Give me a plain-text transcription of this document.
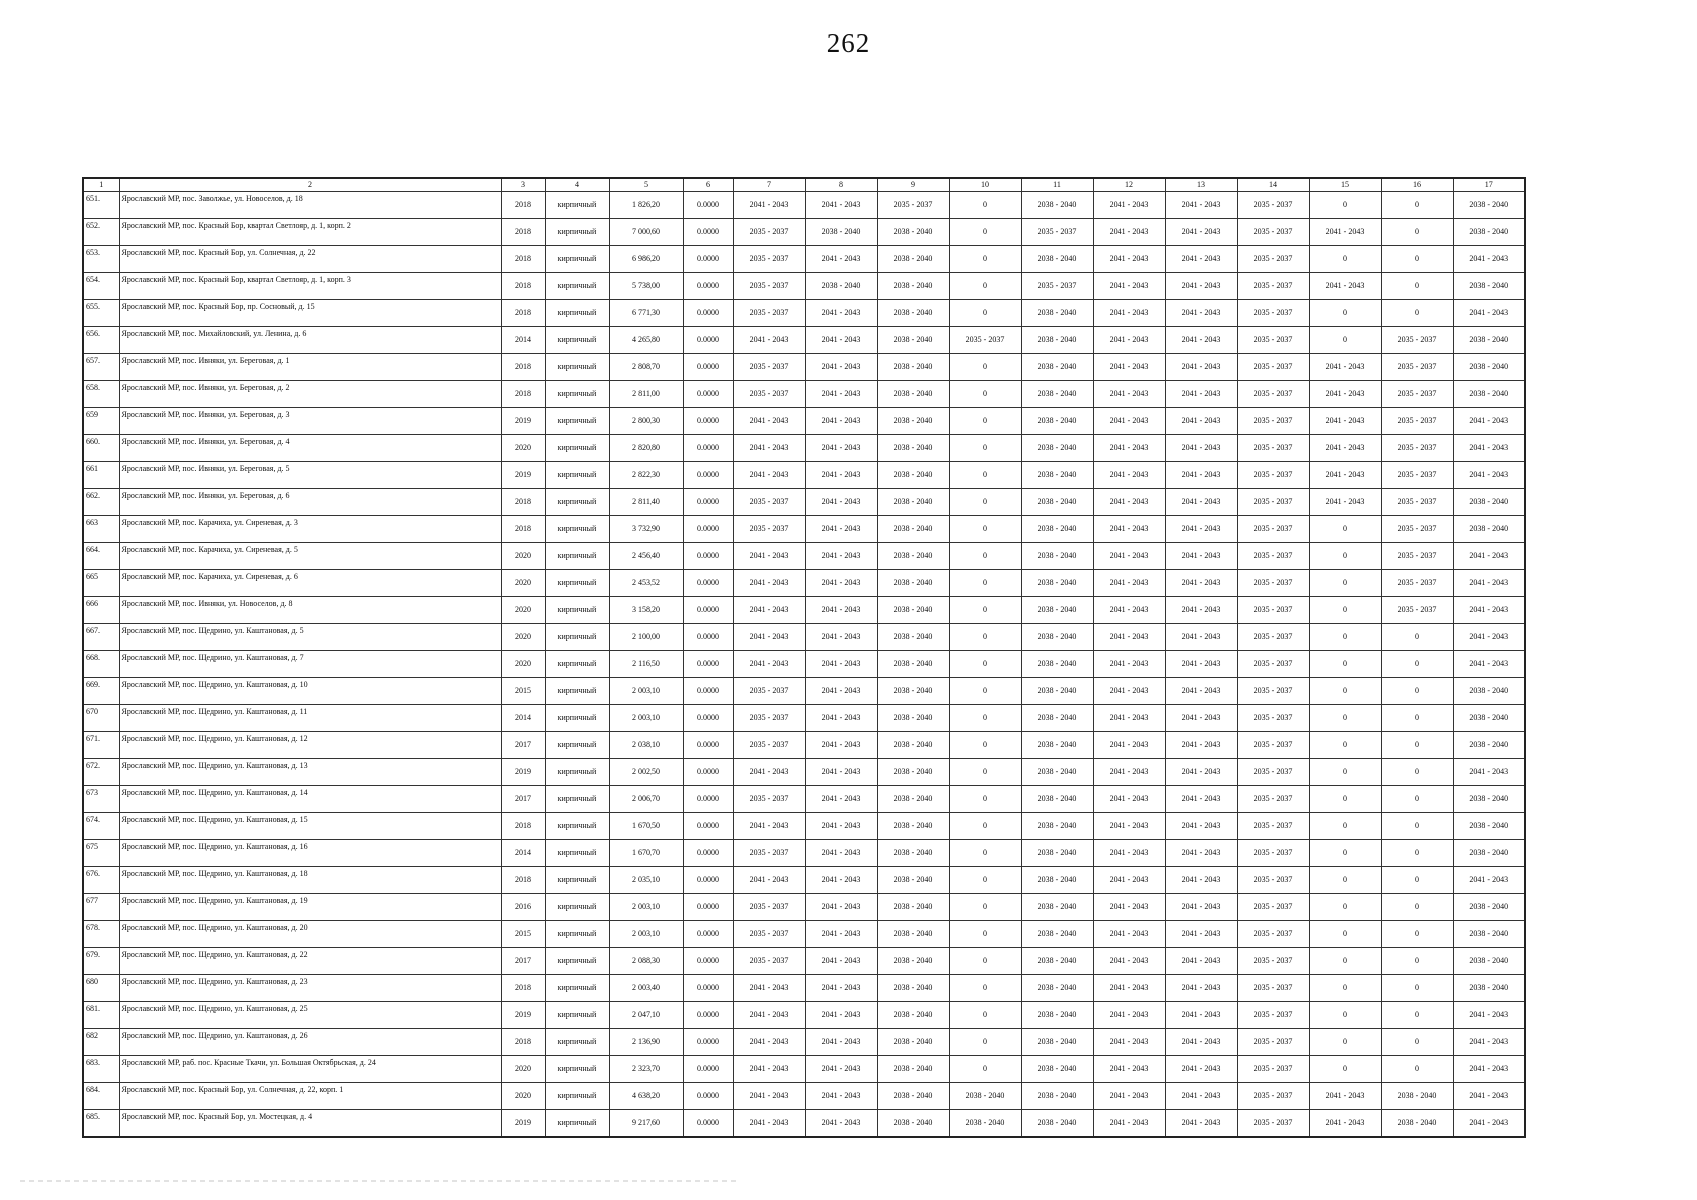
262
1	2	3	4	5	6	7	8	9	10	11	12	13	14	15	16	17
651.	Ярославский МР, пос. Заволжье, ул. Новоселов, д. 18	2018	кирпичный	1 826,20	0.0000	2041 - 2043	2041 - 2043	2035 - 2037	0	2038 - 2040	2041 - 2043	2041 - 2043	2035 - 2037	0	0	2038 - 2040
652.	Ярославский МР, пос. Красный Бор, квартал Светлояр, д. 1, корп. 2	2018	кирпичный	7 000,60	0.0000	2035 - 2037	2038 - 2040	2038 - 2040	0	2035 - 2037	2041 - 2043	2041 - 2043	2035 - 2037	2041 - 2043	0	2038 - 2040
653.	Ярославский МР, пос. Красный Бор, ул. Солнечная, д. 22	2018	кирпичный	6 986,20	0.0000	2035 - 2037	2041 - 2043	2038 - 2040	0	2038 - 2040	2041 - 2043	2041 - 2043	2035 - 2037	0	0	2041 - 2043
654.	Ярославский МР, пос. Красный Бор, квартал Светлояр, д. 1, корп. 3	2018	кирпичный	5 738,00	0.0000	2035 - 2037	2038 - 2040	2038 - 2040	0	2035 - 2037	2041 - 2043	2041 - 2043	2035 - 2037	2041 - 2043	0	2038 - 2040
655.	Ярославский МР, пос. Красный Бор, пр. Сосновый, д. 15	2018	кирпичный	6 771,30	0.0000	2035 - 2037	2041 - 2043	2038 - 2040	0	2038 - 2040	2041 - 2043	2041 - 2043	2035 - 2037	0	0	2041 - 2043
656.	Ярославский МР, пос. Михайловский, ул. Ленина, д. 6	2014	кирпичный	4 265,80	0.0000	2041 - 2043	2041 - 2043	2038 - 2040	2035 - 2037	2038 - 2040	2041 - 2043	2041 - 2043	2035 - 2037	0	2035 - 2037	2038 - 2040
657.	Ярославский МР, пос. Ивняки, ул. Береговая, д. 1	2018	кирпичный	2 808,70	0.0000	2035 - 2037	2041 - 2043	2038 - 2040	0	2038 - 2040	2041 - 2043	2041 - 2043	2035 - 2037	2041 - 2043	2035 - 2037	2038 - 2040
658.	Ярославский МР, пос. Ивняки, ул. Береговая, д. 2	2018	кирпичный	2 811,00	0.0000	2035 - 2037	2041 - 2043	2038 - 2040	0	2038 - 2040	2041 - 2043	2041 - 2043	2035 - 2037	2041 - 2043	2035 - 2037	2038 - 2040
659	Ярославский МР, пос. Ивняки, ул. Береговая, д. 3	2019	кирпичный	2 800,30	0.0000	2041 - 2043	2041 - 2043	2038 - 2040	0	2038 - 2040	2041 - 2043	2041 - 2043	2035 - 2037	2041 - 2043	2035 - 2037	2041 - 2043
660.	Ярославский МР, пос. Ивняки, ул. Береговая, д. 4	2020	кирпичный	2 820,80	0.0000	2041 - 2043	2041 - 2043	2038 - 2040	0	2038 - 2040	2041 - 2043	2041 - 2043	2035 - 2037	2041 - 2043	2035 - 2037	2041 - 2043
661	Ярославский МР, пос. Ивняки, ул. Береговая, д. 5	2019	кирпичный	2 822,30	0.0000	2041 - 2043	2041 - 2043	2038 - 2040	0	2038 - 2040	2041 - 2043	2041 - 2043	2035 - 2037	2041 - 2043	2035 - 2037	2041 - 2043
662.	Ярославский МР, пос. Ивняки, ул. Береговая, д. 6	2018	кирпичный	2 811,40	0.0000	2035 - 2037	2041 - 2043	2038 - 2040	0	2038 - 2040	2041 - 2043	2041 - 2043	2035 - 2037	2041 - 2043	2035 - 2037	2038 - 2040
663	Ярославский МР, пос. Карачиха, ул. Сиреневая, д. 3	2018	кирпичный	3 732,90	0.0000	2035 - 2037	2041 - 2043	2038 - 2040	0	2038 - 2040	2041 - 2043	2041 - 2043	2035 - 2037	0	2035 - 2037	2038 - 2040
664.	Ярославский МР, пос. Карачиха, ул. Сиреневая, д. 5	2020	кирпичный	2 456,40	0.0000	2041 - 2043	2041 - 2043	2038 - 2040	0	2038 - 2040	2041 - 2043	2041 - 2043	2035 - 2037	0	2035 - 2037	2041 - 2043
665	Ярославский МР, пос. Карачиха, ул. Сиреневая, д. 6	2020	кирпичный	2 453,52	0.0000	2041 - 2043	2041 - 2043	2038 - 2040	0	2038 - 2040	2041 - 2043	2041 - 2043	2035 - 2037	0	2035 - 2037	2041 - 2043
666	Ярославский МР, пос. Ивняки, ул. Новоселов, д. 8	2020	кирпичный	3 158,20	0.0000	2041 - 2043	2041 - 2043	2038 - 2040	0	2038 - 2040	2041 - 2043	2041 - 2043	2035 - 2037	0	2035 - 2037	2041 - 2043
667.	Ярославский МР, пос. Щедрино, ул. Каштановая, д. 5	2020	кирпичный	2 100,00	0.0000	2041 - 2043	2041 - 2043	2038 - 2040	0	2038 - 2040	2041 - 2043	2041 - 2043	2035 - 2037	0	0	2041 - 2043
668.	Ярославский МР, пос. Щедрино, ул. Каштановая, д. 7	2020	кирпичный	2 116,50	0.0000	2041 - 2043	2041 - 2043	2038 - 2040	0	2038 - 2040	2041 - 2043	2041 - 2043	2035 - 2037	0	0	2041 - 2043
669.	Ярославский МР, пос. Щедрино, ул. Каштановая, д. 10	2015	кирпичный	2 003,10	0.0000	2035 - 2037	2041 - 2043	2038 - 2040	0	2038 - 2040	2041 - 2043	2041 - 2043	2035 - 2037	0	0	2038 - 2040
670	Ярославский МР, пос. Щедрино, ул. Каштановая, д. 11	2014	кирпичный	2 003,10	0.0000	2035 - 2037	2041 - 2043	2038 - 2040	0	2038 - 2040	2041 - 2043	2041 - 2043	2035 - 2037	0	0	2038 - 2040
671.	Ярославский МР, пос. Щедрино, ул. Каштановая, д. 12	2017	кирпичный	2 038,10	0.0000	2035 - 2037	2041 - 2043	2038 - 2040	0	2038 - 2040	2041 - 2043	2041 - 2043	2035 - 2037	0	0	2038 - 2040
672.	Ярославский МР, пос. Щедрино, ул. Каштановая, д. 13	2019	кирпичный	2 002,50	0.0000	2041 - 2043	2041 - 2043	2038 - 2040	0	2038 - 2040	2041 - 2043	2041 - 2043	2035 - 2037	0	0	2041 - 2043
673	Ярославский МР, пос. Щедрино, ул. Каштановая, д. 14	2017	кирпичный	2 006,70	0.0000	2035 - 2037	2041 - 2043	2038 - 2040	0	2038 - 2040	2041 - 2043	2041 - 2043	2035 - 2037	0	0	2038 - 2040
674.	Ярославский МР, пос. Щедрино, ул. Каштановая, д. 15	2018	кирпичный	1 670,50	0.0000	2041 - 2043	2041 - 2043	2038 - 2040	0	2038 - 2040	2041 - 2043	2041 - 2043	2035 - 2037	0	0	2038 - 2040
675	Ярославский МР, пос. Щедрино, ул. Каштановая, д. 16	2014	кирпичный	1 670,70	0.0000	2035 - 2037	2041 - 2043	2038 - 2040	0	2038 - 2040	2041 - 2043	2041 - 2043	2035 - 2037	0	0	2038 - 2040
676.	Ярославский МР, пос. Щедрино, ул. Каштановая, д. 18	2018	кирпичный	2 035,10	0.0000	2041 - 2043	2041 - 2043	2038 - 2040	0	2038 - 2040	2041 - 2043	2041 - 2043	2035 - 2037	0	0	2041 - 2043
677	Ярославский МР, пос. Щедрино, ул. Каштановая, д. 19	2016	кирпичный	2 003,10	0.0000	2035 - 2037	2041 - 2043	2038 - 2040	0	2038 - 2040	2041 - 2043	2041 - 2043	2035 - 2037	0	0	2038 - 2040
678.	Ярославский МР, пос. Щедрино, ул. Каштановая, д. 20	2015	кирпичный	2 003,10	0.0000	2035 - 2037	2041 - 2043	2038 - 2040	0	2038 - 2040	2041 - 2043	2041 - 2043	2035 - 2037	0	0	2038 - 2040
679.	Ярославский МР, пос. Щедрино, ул. Каштановая, д. 22	2017	кирпичный	2 088,30	0.0000	2035 - 2037	2041 - 2043	2038 - 2040	0	2038 - 2040	2041 - 2043	2041 - 2043	2035 - 2037	0	0	2038 - 2040
680	Ярославский МР, пос. Щедрино, ул. Каштановая, д. 23	2018	кирпичный	2 003,40	0.0000	2041 - 2043	2041 - 2043	2038 - 2040	0	2038 - 2040	2041 - 2043	2041 - 2043	2035 - 2037	0	0	2038 - 2040
681.	Ярославский МР, пос. Щедрино, ул. Каштановая, д. 25	2019	кирпичный	2 047,10	0.0000	2041 - 2043	2041 - 2043	2038 - 2040	0	2038 - 2040	2041 - 2043	2041 - 2043	2035 - 2037	0	0	2041 - 2043
682	Ярославский МР, пос. Щедрино, ул. Каштановая, д. 26	2018	кирпичный	2 136,90	0.0000	2041 - 2043	2041 - 2043	2038 - 2040	0	2038 - 2040	2041 - 2043	2041 - 2043	2035 - 2037	0	0	2041 - 2043
683.	Ярославский МР, раб. пос. Красные Ткачи, ул. Большая Октябрьская, д. 24	2020	кирпичный	2 323,70	0.0000	2041 - 2043	2041 - 2043	2038 - 2040	0	2038 - 2040	2041 - 2043	2041 - 2043	2035 - 2037	0	0	2041 - 2043
684.	Ярославский МР, пос. Красный Бор, ул. Солнечная, д. 22, корп. 1	2020	кирпичный	4 638,20	0.0000	2041 - 2043	2041 - 2043	2038 - 2040	2038 - 2040	2038 - 2040	2041 - 2043	2041 - 2043	2035 - 2037	2041 - 2043	2038 - 2040	2041 - 2043
685.	Ярославский МР, пос. Красный Бор, ул. Мостецкая, д. 4	2019	кирпичный	9 217,60	0.0000	2041 - 2043	2041 - 2043	2038 - 2040	2038 - 2040	2038 - 2040	2041 - 2043	2041 - 2043	2035 - 2037	2041 - 2043	2038 - 2040	2041 - 2043
